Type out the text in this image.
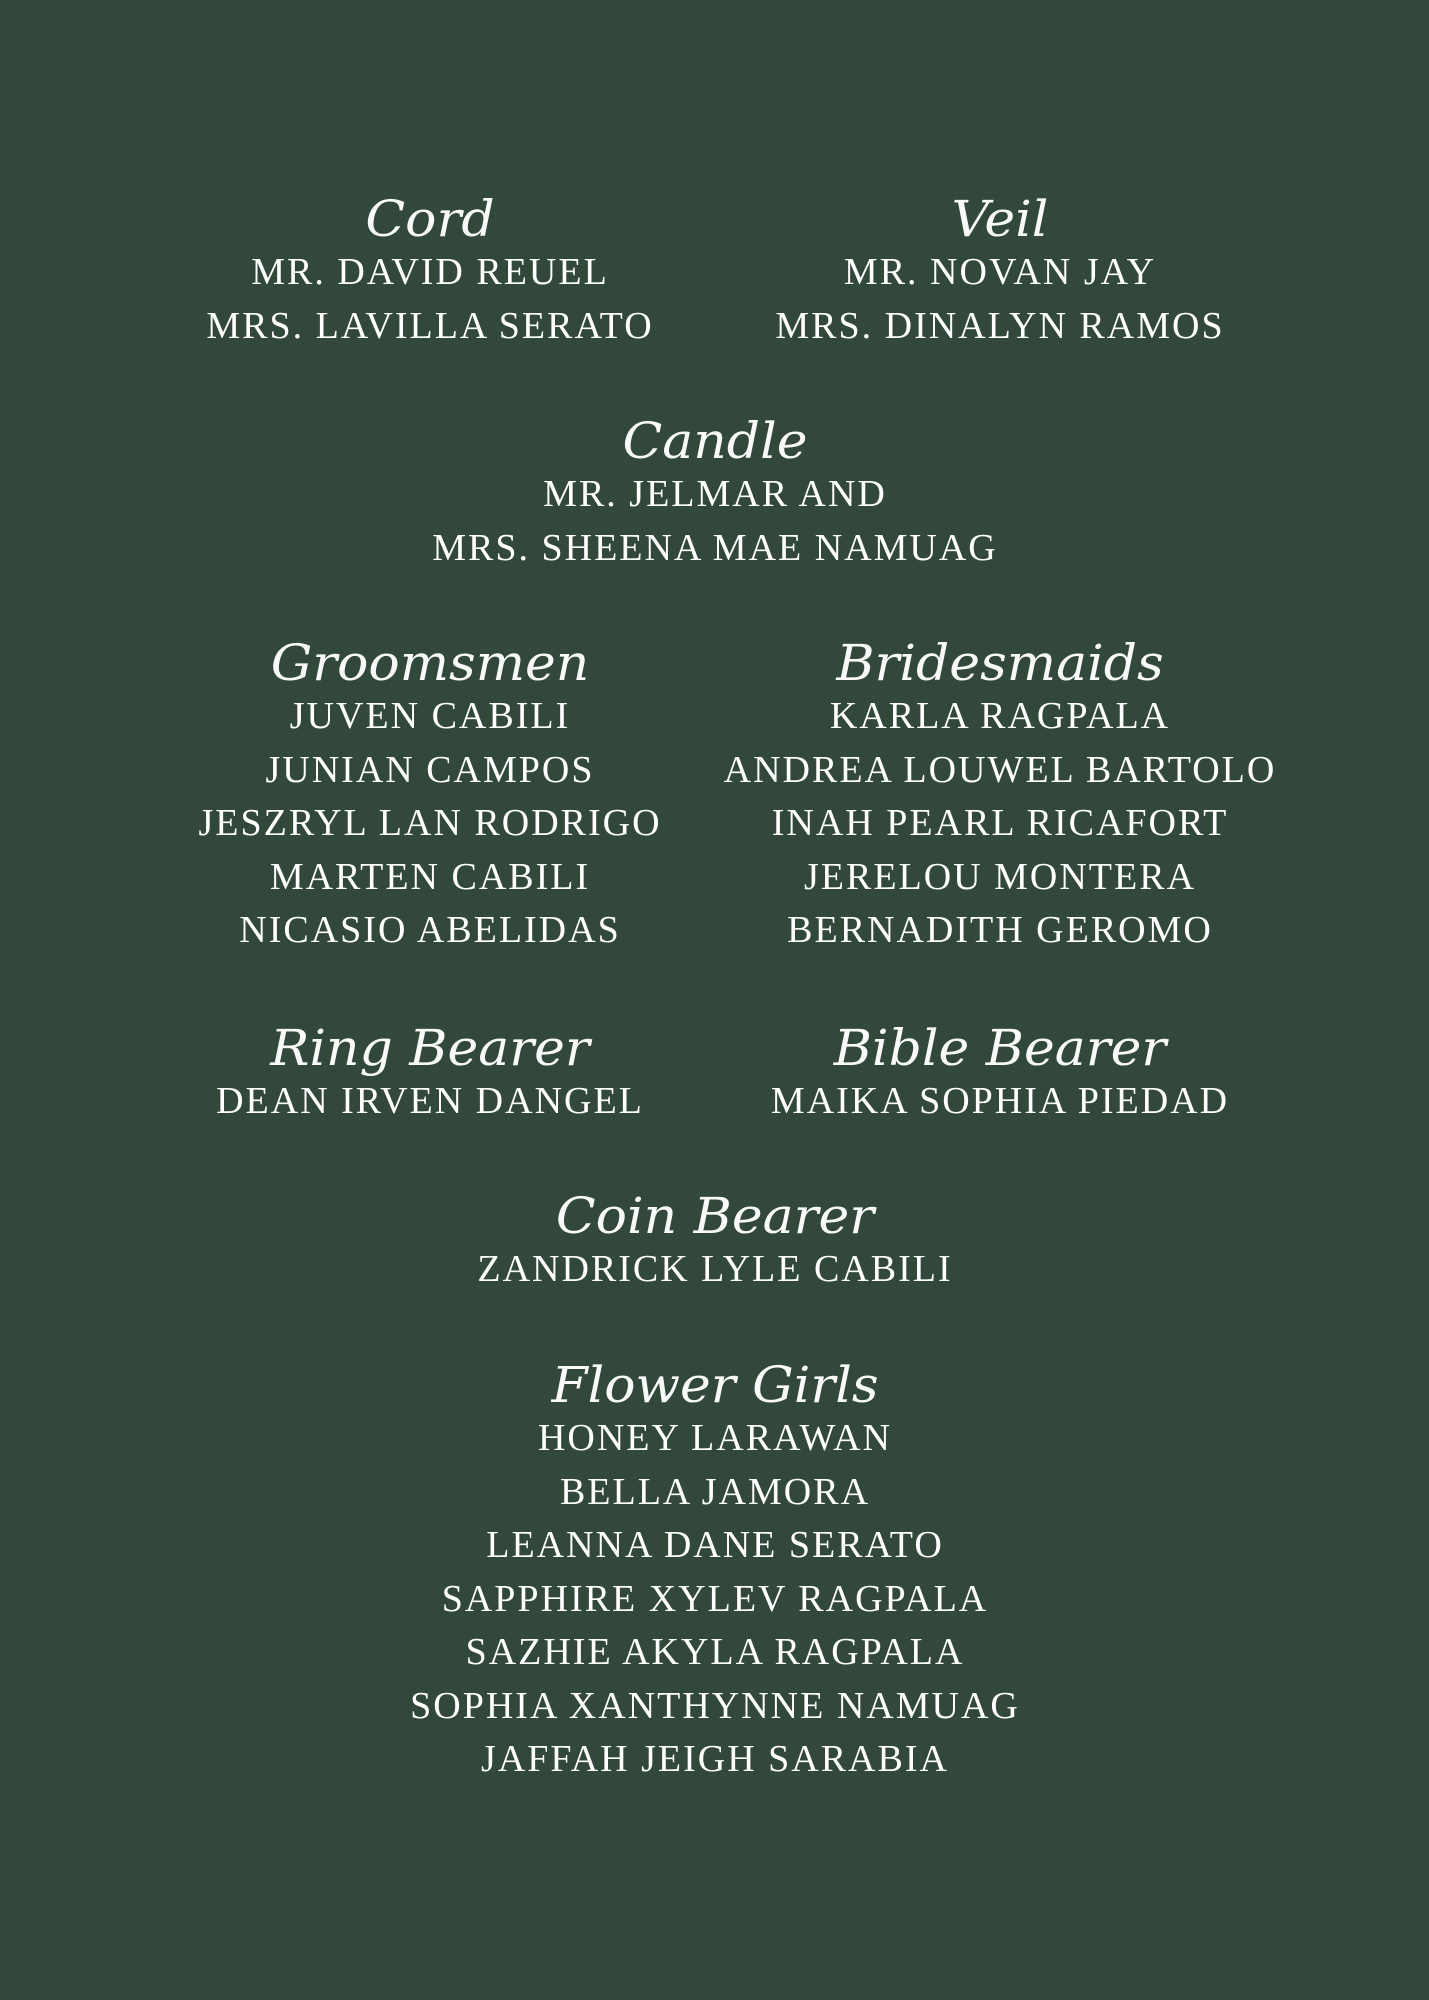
Cord
MR. DAVID REUEL
MRS. LAVILLA SERATO
Veil
MR. NOVAN JAY
MRS. DINALYN RAMOS
Candle
MR. JELMAR AND
MRS. SHEENA MAE NAMUAG
Groomsmen
JUVEN CABILI
JUNIAN CAMPOS
JESZRYL LAN RODRIGO
MARTEN CABILI
NICASIO ABELIDAS
Bridesmaids
KARLA RAGPALA
ANDREA LOUWEL BARTOLO
INAH PEARL RICAFORT
JERELOU MONTERA
BERNADITH GEROMO
Ring Bearer
DEAN IRVEN DANGEL
Bible Bearer
MAIKA SOPHIA PIEDAD
Coin Bearer
ZANDRICK LYLE CABILI
Flower Girls
HONEY LARAWAN
BELLA JAMORA
LEANNA DANE SERATO
SAPPHIRE XYLEV RAGPALA
SAZHIE AKYLA RAGPALA
SOPHIA XANTHYNNE NAMUAG
JAFFAH JEIGH SARABIA
